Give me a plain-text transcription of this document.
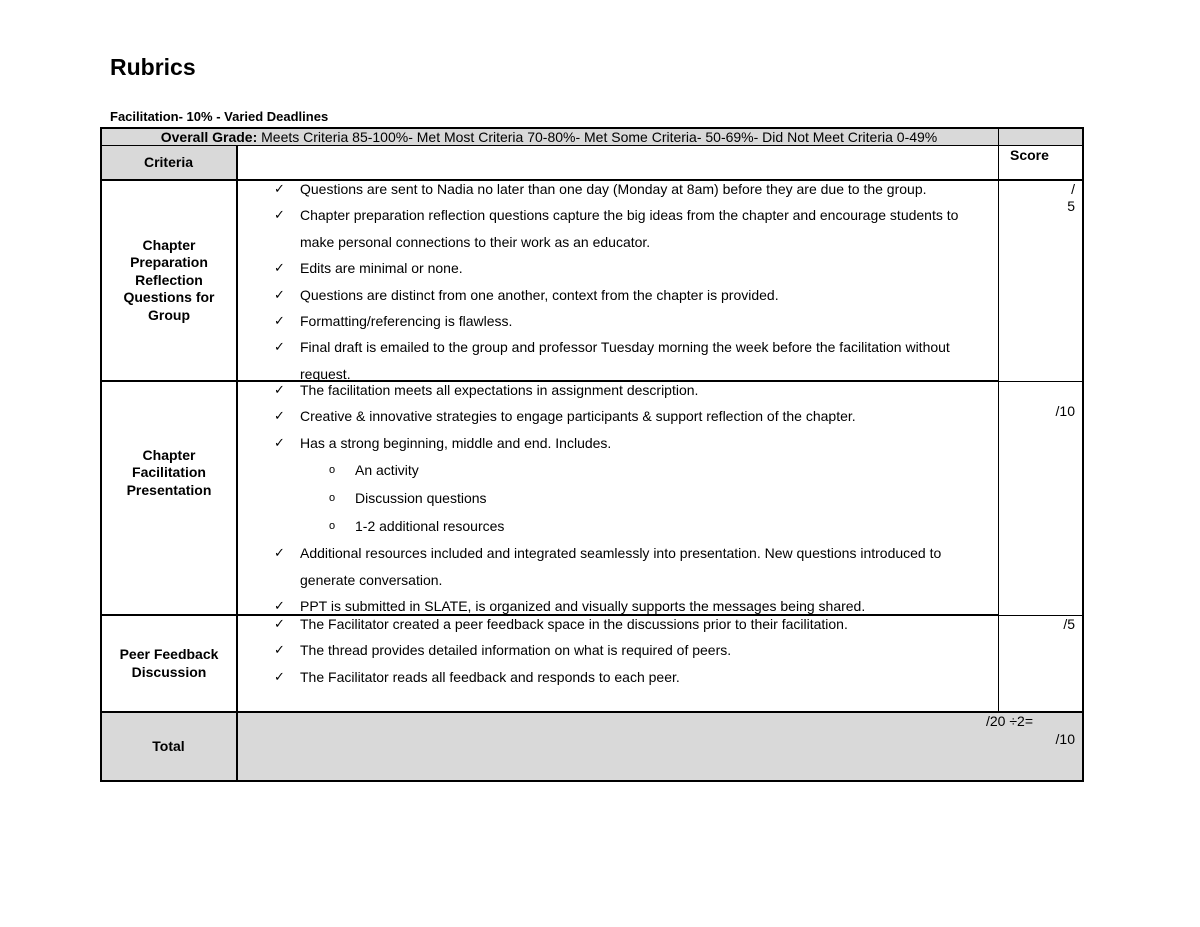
Rubrics
Facilitation- 10% - Varied Deadlines
Overall Grade: Meets Criteria 85-100%- Met Most Criteria 70-80%- Met Some Criteria- 50-69%- Did Not Meet Criteria 0-49%
Criteria	Score
Chapter Preparation Reflection Questions for Group
✓ Questions are sent to Nadia no later than one day (Monday at 8am) before they are due to the group.
✓ Chapter preparation reflection questions capture the big ideas from the chapter and encourage students to make personal connections to their work as an educator.
✓ Edits are minimal or none.
✓ Questions are distinct from one another, context from the chapter is provided.
✓ Formatting/referencing is flawless.
✓ Final draft is emailed to the group and professor Tuesday morning the week before the facilitation without request.
/
5
Chapter Facilitation Presentation
✓ The facilitation meets all expectations in assignment description.
✓ Creative & innovative strategies to engage participants & support reflection of the chapter.
✓ Has a strong beginning, middle and end. Includes.
o An activity
o Discussion questions
o 1-2 additional resources
✓ Additional resources included and integrated seamlessly into presentation. New questions introduced to generate conversation.
✓ PPT is submitted in SLATE, is organized and visually supports the messages being shared.
/10
Peer Feedback Discussion
✓ The Facilitator created a peer feedback space in the discussions prior to their facilitation.
✓ The thread provides detailed information on what is required of peers.
✓ The Facilitator reads all feedback and responds to each peer.
/5
Total
/20 ÷2=
/10
